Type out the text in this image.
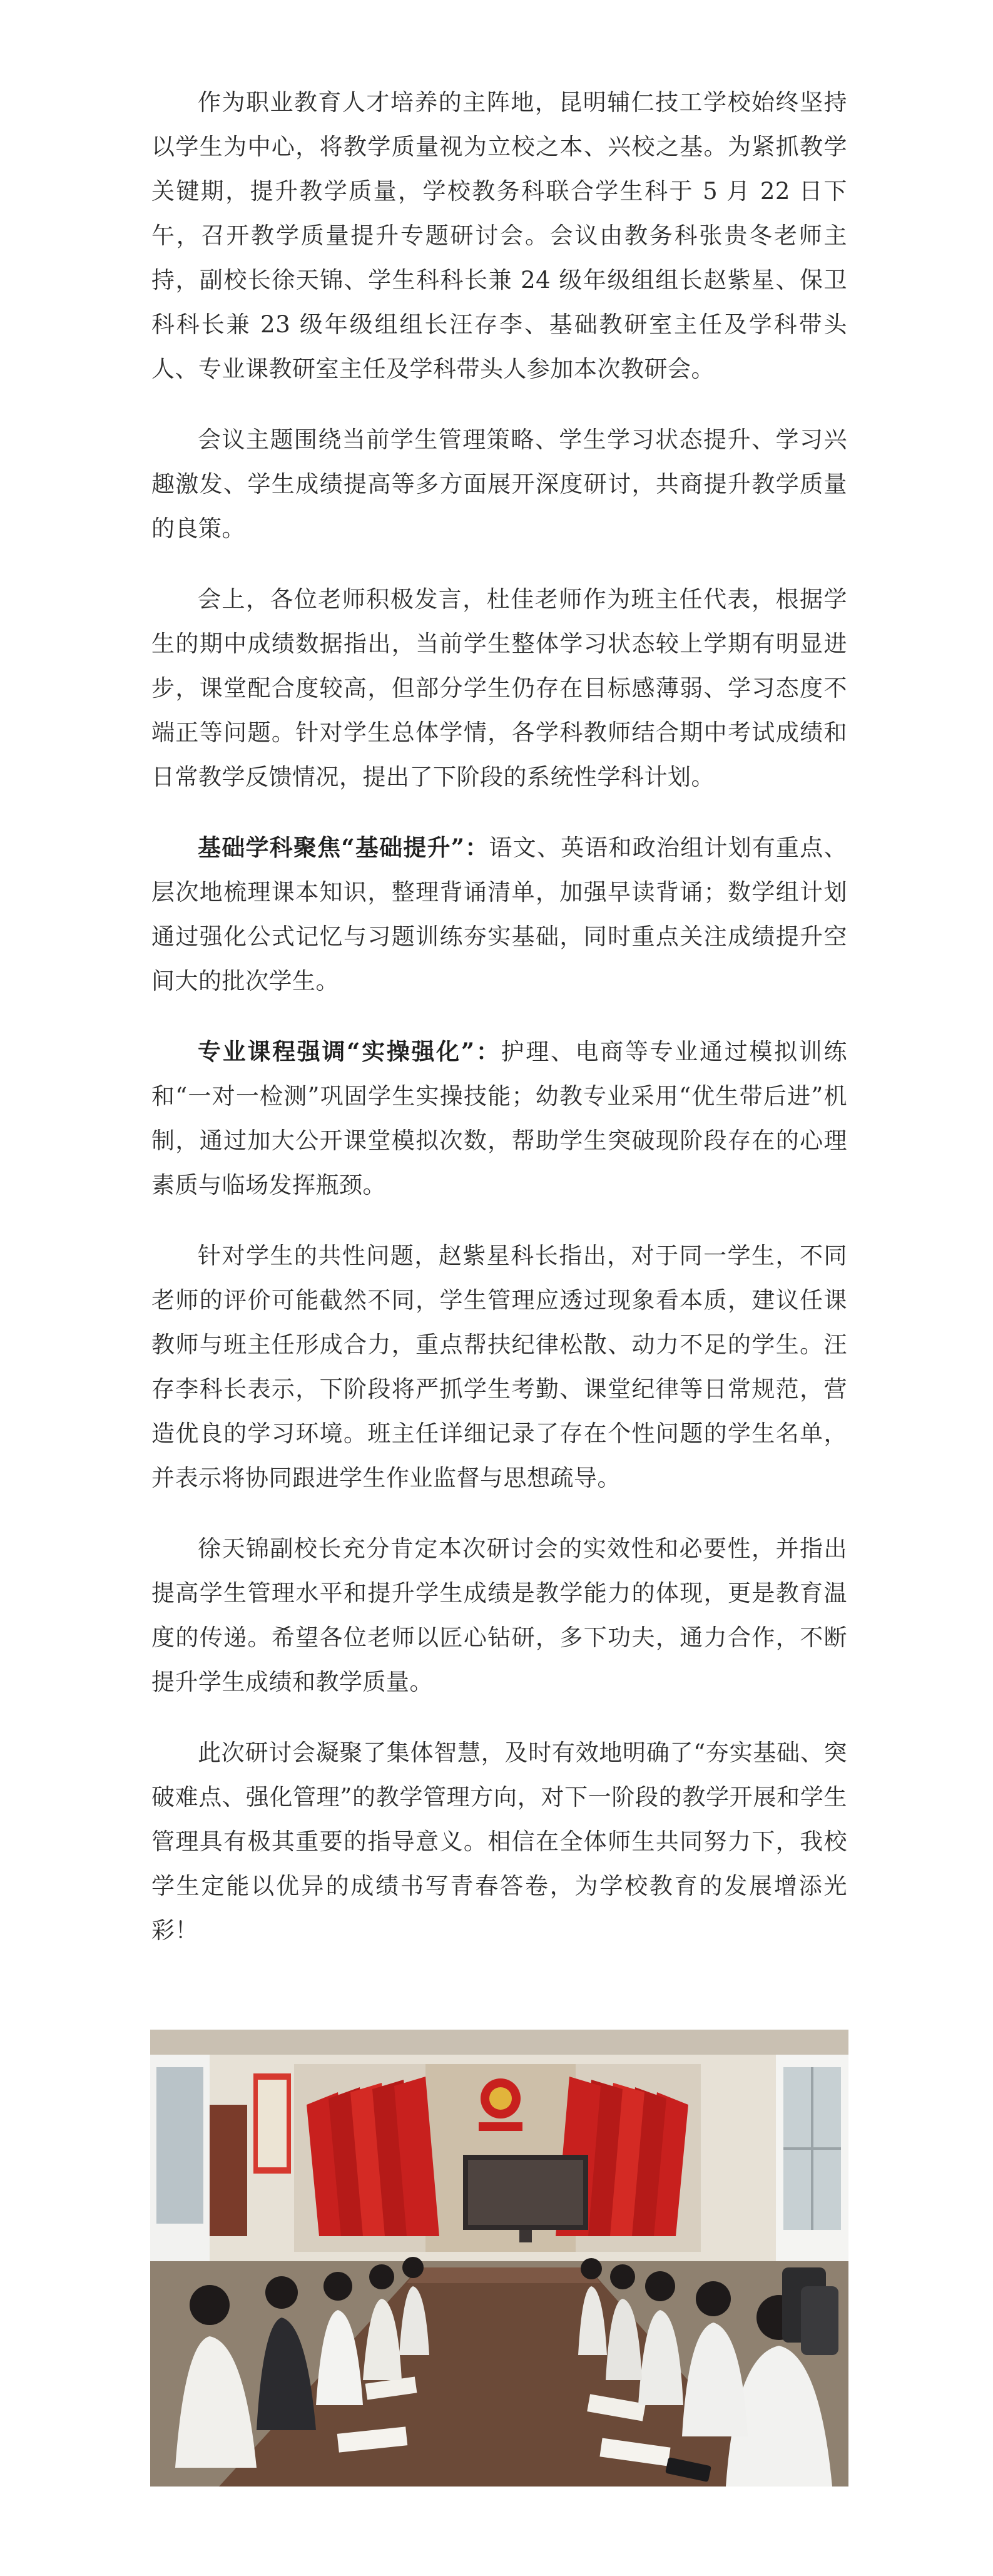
作为职业教育人才培养的主阵地，昆明辅仁技工学校始终坚持以学生为中心，将教学质量视为立校之本、兴校之基。为紧抓教学关键期，提升教学质量，学校教务科联合学生科于 5 月 22 日下午，召开教学质量提升专题研讨会。会议由教务科张贵冬老师主持，副校长徐天锦、学生科科长兼 24 级年级组组长赵紫星、保卫科科长兼 23 级年级组组长汪存李、基础教研室主任及学科带头人、专业课教研室主任及学科带头人参加本次教研会。

会议主题围绕当前学生管理策略、学生学习状态提升、学习兴趣激发、学生成绩提高等多方面展开深度研讨，共商提升教学质量的良策。

会上，各位老师积极发言，杜佳老师作为班主任代表，根据学生的期中成绩数据指出，当前学生整体学习状态较上学期有明显进步，课堂配合度较高，但部分学生仍存在目标感薄弱、学习态度不端正等问题。针对学生总体学情，各学科教师结合期中考试成绩和日常教学反馈情况，提出了下阶段的系统性学科计划。

基础学科聚焦“基础提升”：语文、英语和政治组计划有重点、层次地梳理课本知识，整理背诵清单，加强早读背诵；数学组计划通过强化公式记忆与习题训练夯实基础，同时重点关注成绩提升空间大的批次学生。

专业课程强调“实操强化”：护理、电商等专业通过模拟训练和“一对一检测”巩固学生实操技能；幼教专业采用“优生带后进”机制，通过加大公开课堂模拟次数，帮助学生突破现阶段存在的心理素质与临场发挥瓶颈。

针对学生的共性问题，赵紫星科长指出，对于同一学生，不同老师的评价可能截然不同，学生管理应透过现象看本质，建议任课教师与班主任形成合力，重点帮扶纪律松散、动力不足的学生。汪存李科长表示，下阶段将严抓学生考勤、课堂纪律等日常规范，营造优良的学习环境。班主任详细记录了存在个性问题的学生名单，并表示将协同跟进学生作业监督与思想疏导。

徐天锦副校长充分肯定本次研讨会的实效性和必要性，并指出提高学生管理水平和提升学生成绩是教学能力的体现，更是教育温度的传递。希望各位老师以匠心钻研，多下功夫，通力合作，不断提升学生成绩和教学质量。

此次研讨会凝聚了集体智慧，及时有效地明确了“夯实基础、突破难点、强化管理”的教学管理方向，对下一阶段的教学开展和学生管理具有极其重要的指导意义。相信在全体师生共同努力下，我校学生定能以优异的成绩书写青春答卷，为学校教育的发展增添光彩！
